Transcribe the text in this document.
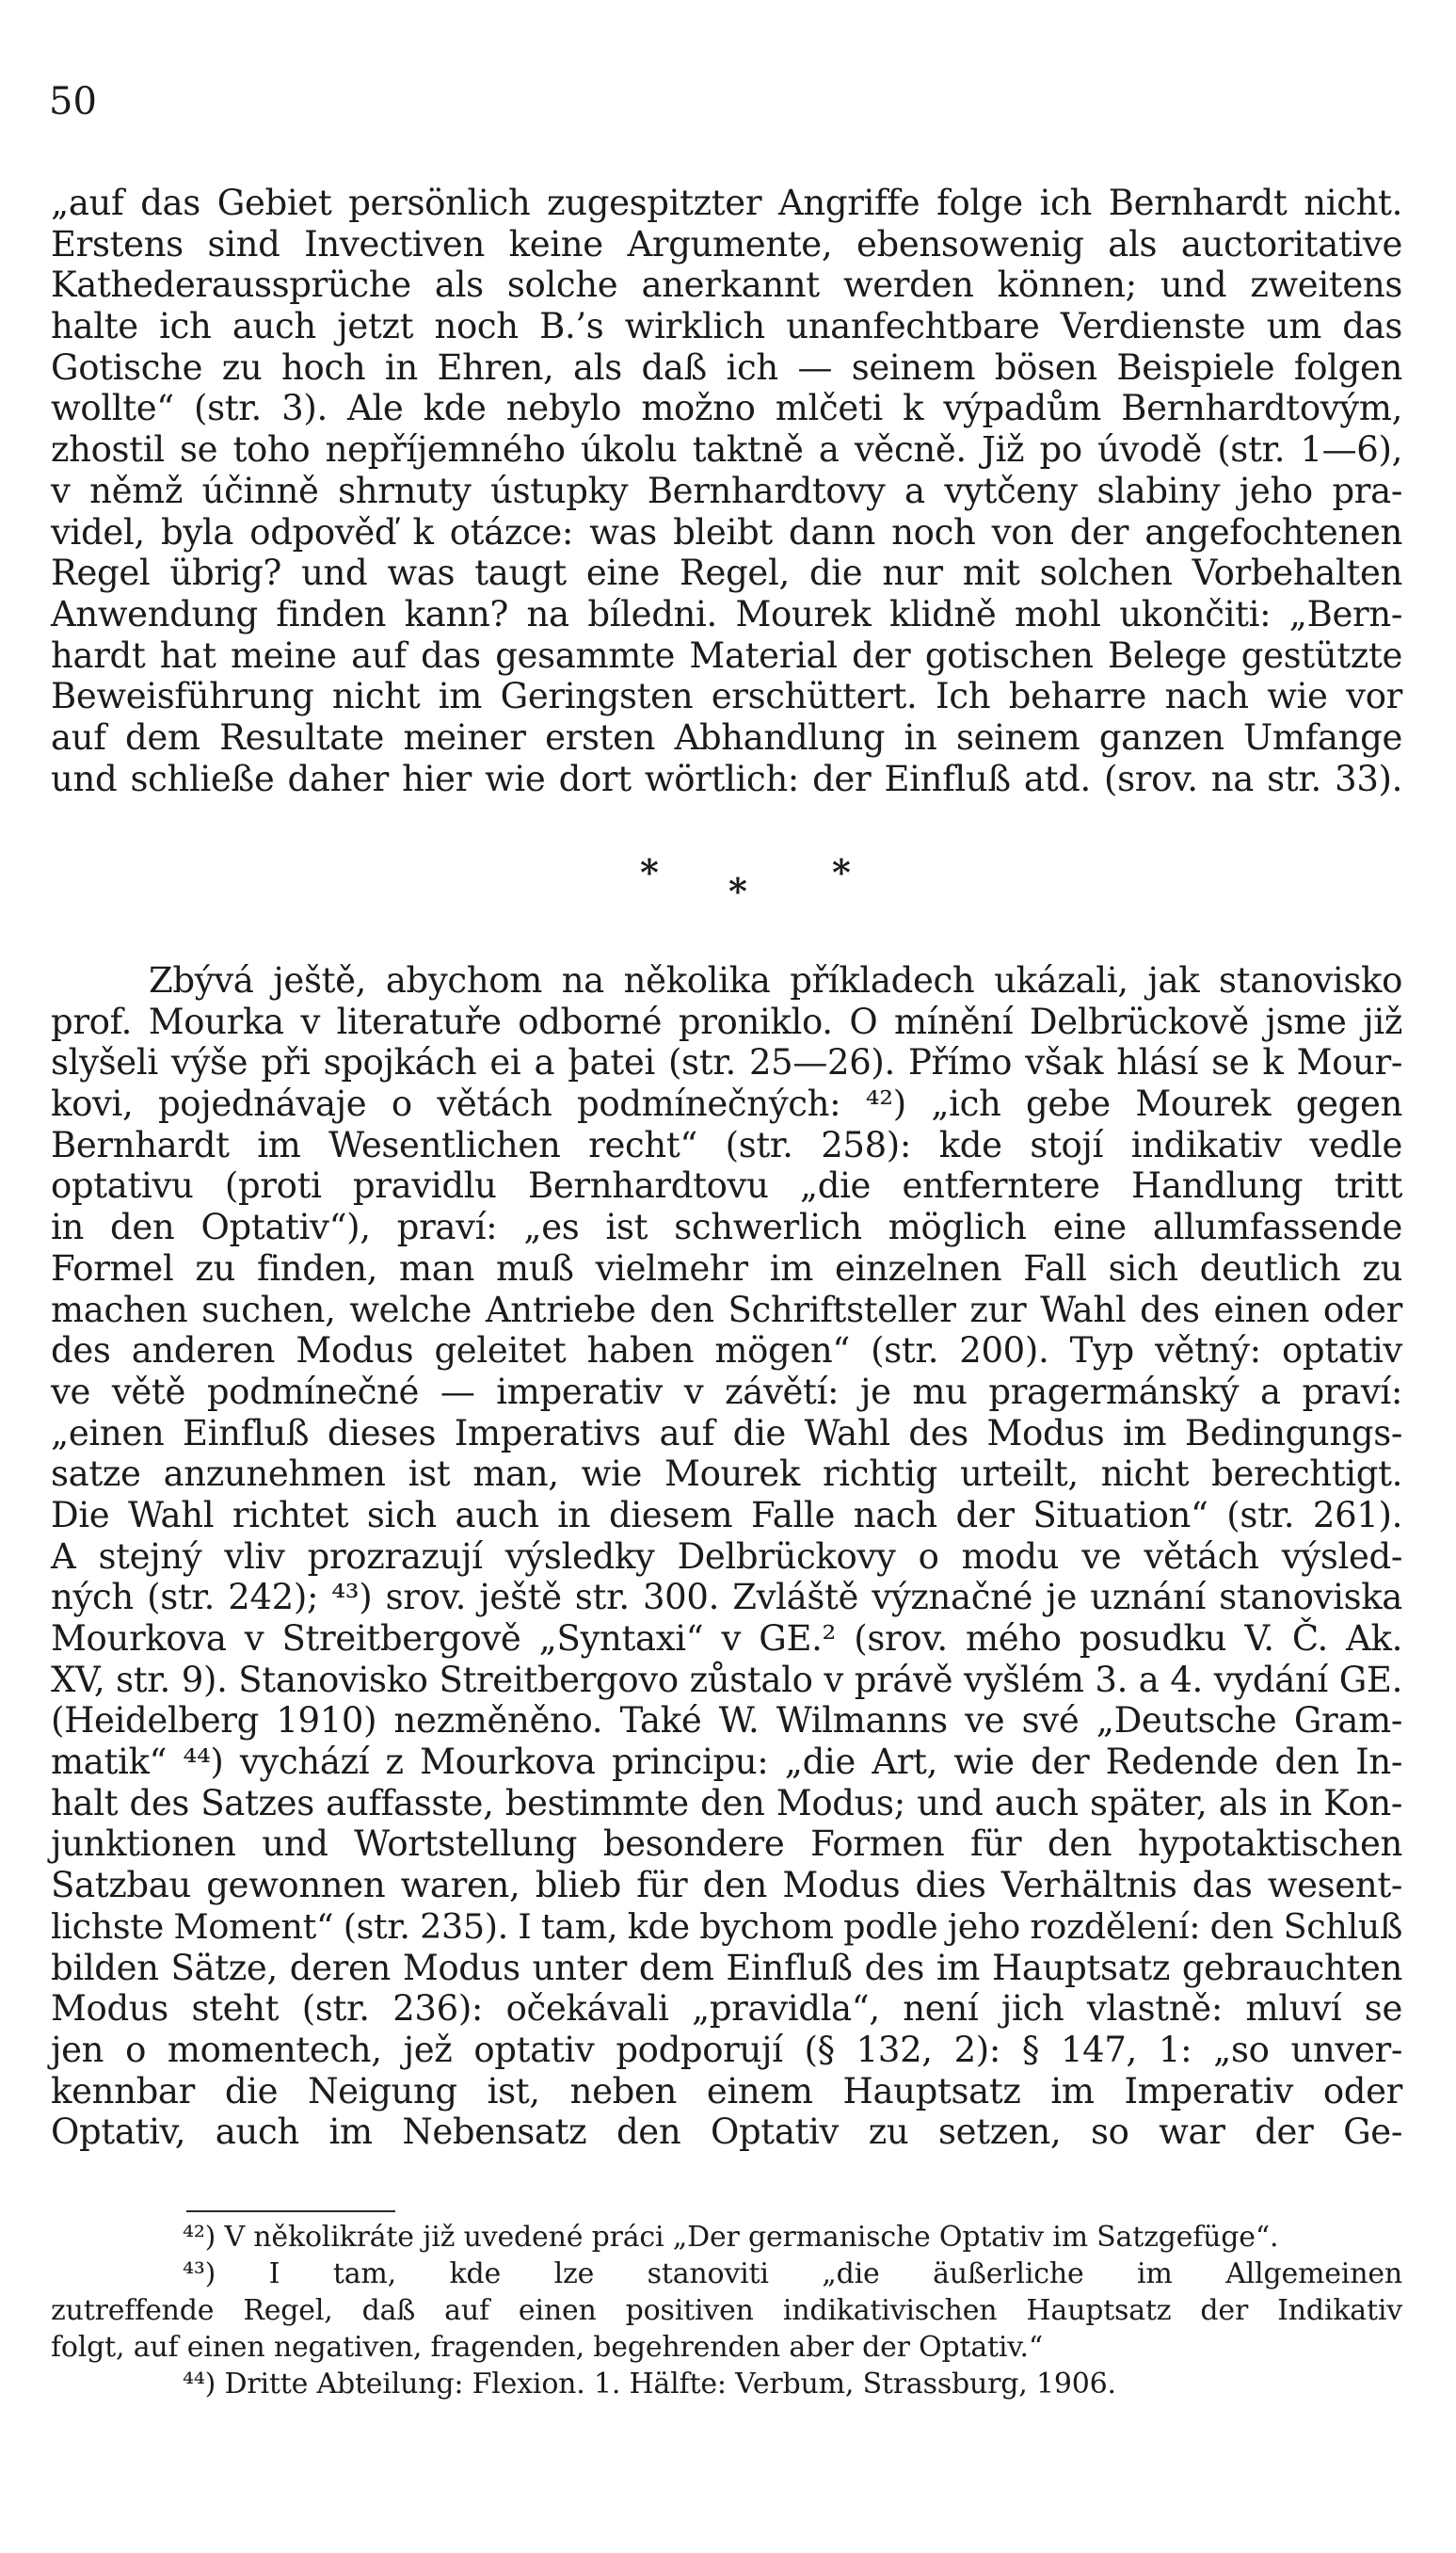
50
„auf das Gebiet persönlich zugespitzter Angriffe folge ich Bernhardt nicht.
Erstens sind Invectiven keine Argumente, ebensowenig als auctoritative
Kathederaussprüche als solche anerkannt werden können; und zweitens
halte ich auch jetzt noch B.’s wirklich unanfechtbare Verdienste um das
Gotische zu hoch in Ehren, als daß ich — seinem bösen Beispiele folgen
wollte“ (str. 3). Ale kde nebylo možno mlčeti k výpadům Bernhardtovým,
zhostil se toho nepříjemného úkolu taktně a věcně. Již po úvodě (str. 1—6),
v němž účinně shrnuty ústupky Bernhardtovy a vytčeny slabiny jeho pra-
videl, byla odpověď k otázce: was bleibt dann noch von der angefochtenen
Regel übrig? und was taugt eine Regel, die nur mit solchen Vorbehalten
Anwendung finden kann? na bíledni. Mourek klidně mohl ukončiti: „Bern-
hardt hat meine auf das gesammte Material der gotischen Belege gestützte
Beweisführung nicht im Geringsten erschüttert. Ich beharre nach wie vor
auf dem Resultate meiner ersten Abhandlung in seinem ganzen Umfange
und schließe daher hier wie dort wörtlich: der Einfluß atd. (srov. na str. 33).
* * *
Zbývá ještě, abychom na několika příkladech ukázali, jak stanovisko
prof. Mourka v literatuře odborné proniklo. O mínění Delbrückově jsme již
slyšeli výše při spojkách ei a þatei (str. 25—26). Přímo však hlásí se k Mour-
kovi, pojednávaje o větách podmínečných: ⁴²) „ich gebe Mourek gegen
Bernhardt im Wesentlichen recht“ (str. 258): kde stojí indikativ vedle
optativu (proti pravidlu Bernhardtovu „die entferntere Handlung tritt
in den Optativ“), praví: „es ist schwerlich möglich eine allumfassende
Formel zu finden, man muß vielmehr im einzelnen Fall sich deutlich zu
machen suchen, welche Antriebe den Schriftsteller zur Wahl des einen oder
des anderen Modus geleitet haben mögen“ (str. 200). Typ větný: optativ
ve větě podmínečné — imperativ v závětí: je mu pragermánský a praví:
„einen Einfluß dieses Imperativs auf die Wahl des Modus im Bedingungs-
satze anzunehmen ist man, wie Mourek richtig urteilt, nicht berechtigt.
Die Wahl richtet sich auch in diesem Falle nach der Situation“ (str. 261).
A stejný vliv prozrazují výsledky Delbrückovy o modu ve větách výsled-
ných (str. 242); ⁴³) srov. ještě str. 300. Zvláště význačné je uznání stanoviska
Mourkova v Streitbergově „Syntaxi“ v GE.² (srov. mého posudku V. Č. Ak.
XV, str. 9). Stanovisko Streitbergovo zůstalo v právě vyšlém 3. a 4. vydání GE.
(Heidelberg 1910) nezměněno. Také W. Wilmanns ve své „Deutsche Gram-
matik“ ⁴⁴) vychází z Mourkova principu: „die Art, wie der Redende den In-
halt des Satzes auffasste, bestimmte den Modus; und auch später, als in Kon-
junktionen und Wortstellung besondere Formen für den hypotaktischen
Satzbau gewonnen waren, blieb für den Modus dies Verhältnis das wesent-
lichste Moment“ (str. 235). I tam, kde bychom podle jeho rozdělení: den Schluß
bilden Sätze, deren Modus unter dem Einfluß des im Hauptsatz gebrauchten
Modus steht (str. 236): očekávali „pravidla“, není jich vlastně: mluví se
jen o momentech, jež optativ podporují (§ 132, 2): § 147, 1: „so unver-
kennbar die Neigung ist, neben einem Hauptsatz im Imperativ oder
Optativ, auch im Nebensatz den Optativ zu setzen, so war der Ge-
⁴²) V několikráte již uvedené práci „Der germanische Optativ im Satzgefüge“.
⁴³) I tam, kde lze stanoviti „die äußerliche im Allgemeinen
zutreffende Regel, daß auf einen positiven indikativischen Hauptsatz der Indikativ
folgt, auf einen negativen, fragenden, begehrenden aber der Optativ.“
⁴⁴) Dritte Abteilung: Flexion. 1. Hälfte: Verbum, Strassburg, 1906.
